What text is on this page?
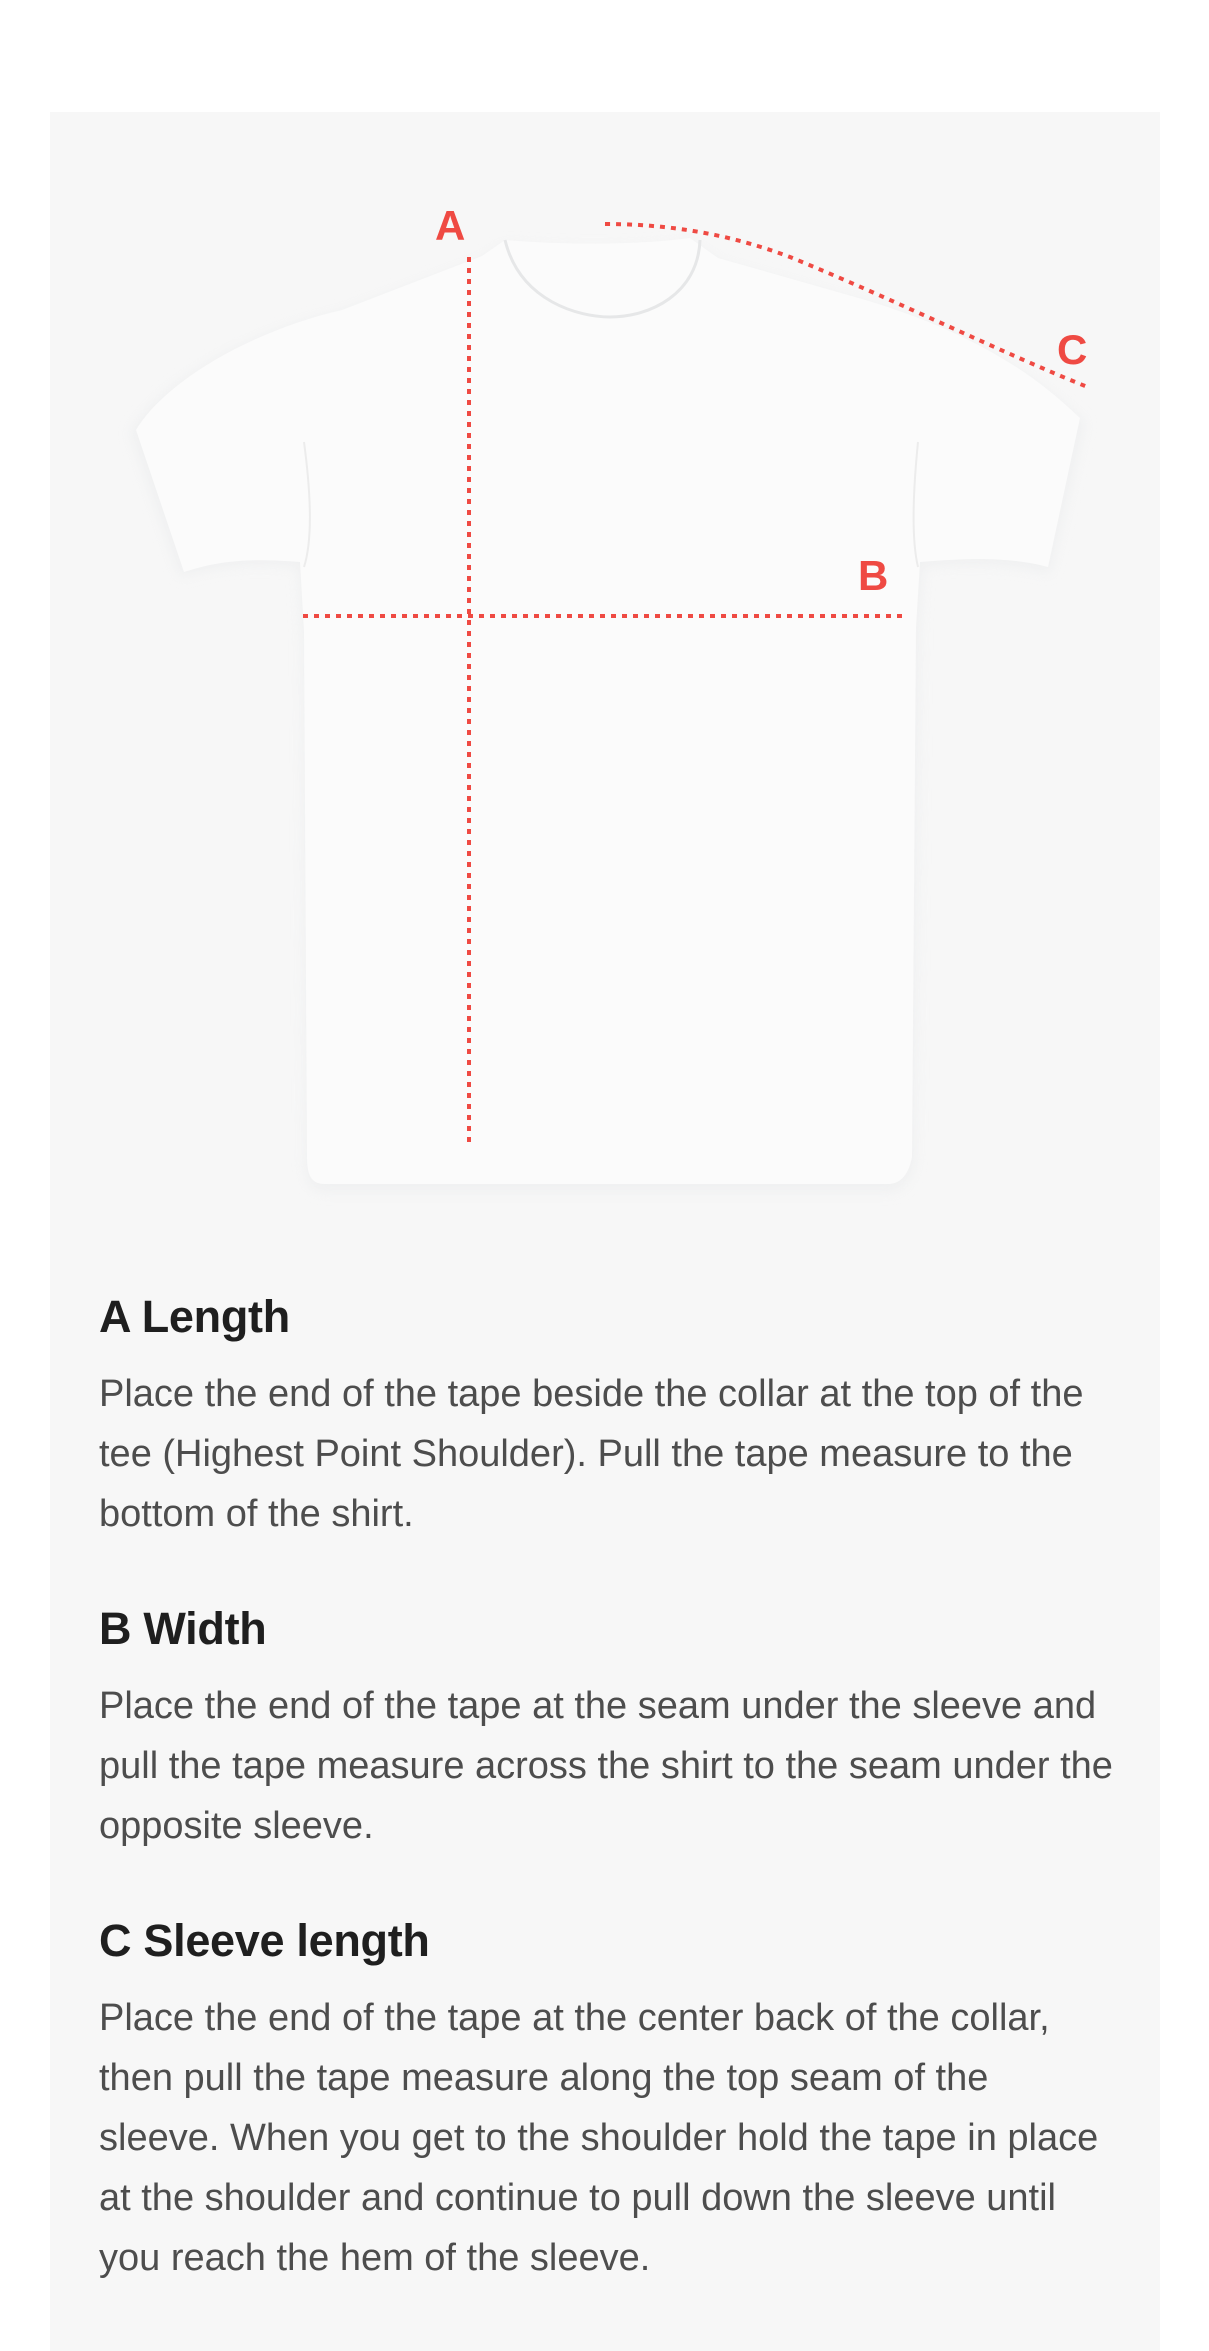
A
B
C
A Length

Place the end of the tape beside the collar at the top of the tee (Highest Point Shoulder). Pull the tape measure to the bottom of the shirt.

B Width

Place the end of the tape at the seam under the sleeve and pull the tape measure across the shirt to the seam under the opposite sleeve.

C Sleeve length

Place the end of the tape at the center back of the collar, then pull the tape measure along the top seam of the sleeve. When you get to the shoulder hold the tape in place at the shoulder and continue to pull down the sleeve until you reach the hem of the sleeve.
